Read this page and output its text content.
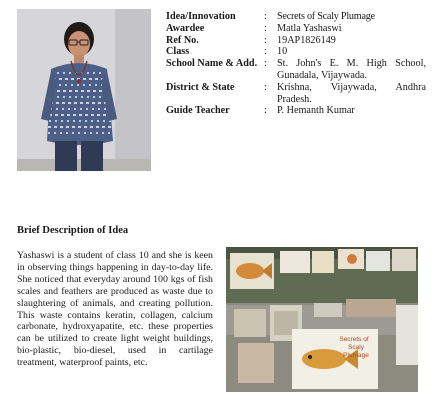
Idea/Innovation	: Secrets of Scaly Plumage
Awardee	: Matla Yashaswi
Ref No.	: 19AP1826149
Class	: 10
School Name & Add. : St. John's E. M. High School, Gunadala, Vijaywada.
District & State	: Krishna, Vijaywada, Andhra Pradesh.
Guide Teacher	: P. Hemanth Kumar
Brief Description of Idea
Yashaswi is a student of class 10 and she is keen in observing things happening in day-to-day life. She noticed that everyday around 100 kgs of fish scales and feathers are produced as waste due to slaughtering of animals, and creating pollution. This waste contains keratin, collagen, calcium carbonate, hydroxyapatite, etc. these properties can be utilized to create light weight buildings, bio-plastic, bio-diesel, used in cartilage treatment, waterproof paints, etc.
Secrets of
Scaly
Plumage
